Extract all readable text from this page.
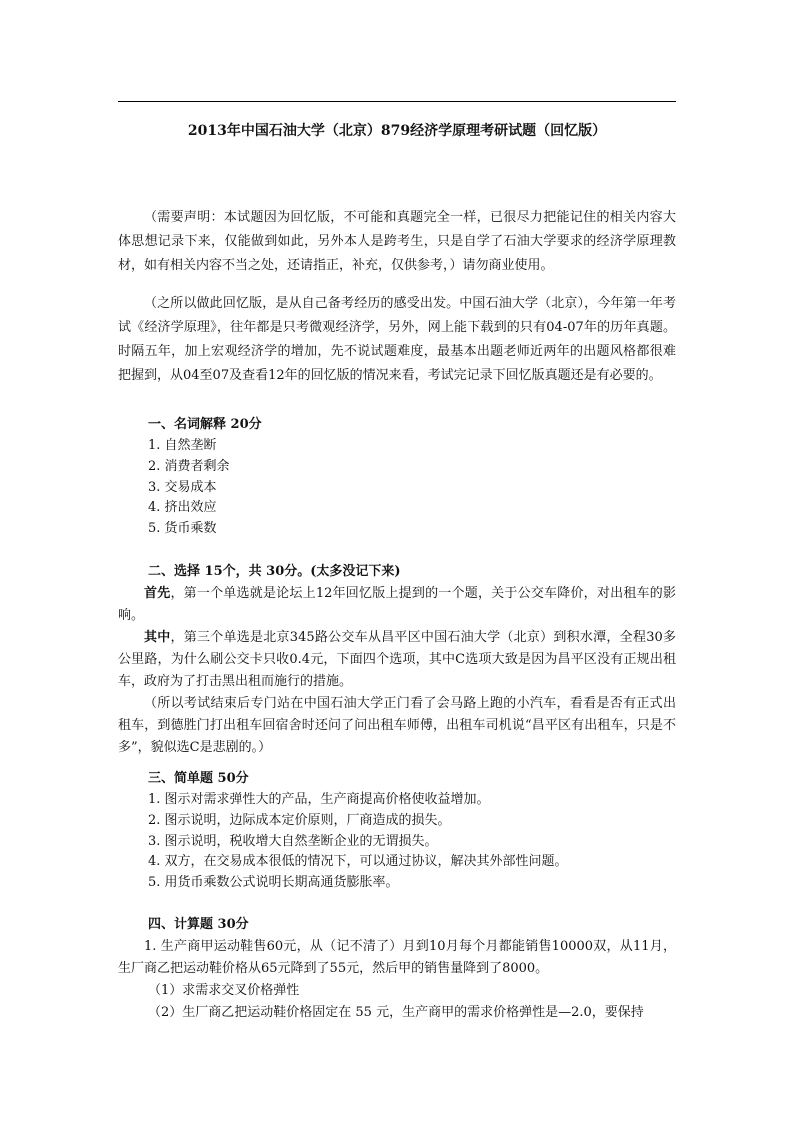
2013年中国石油大学（北京）879经济学原理考研试题（回忆版）

（需要声明：本试题因为回忆版，不可能和真题完全一样，已很尽力把能记住的相关内容大体思想记录下来，仅能做到如此，另外本人是跨考生，只是自学了石油大学要求的经济学原理教材，如有相关内容不当之处，还请指正，补充，仅供参考，）请勿商业使用。

（之所以做此回忆版，是从自己备考经历的感受出发。中国石油大学（北京），今年第一年考试《经济学原理》，往年都是只考微观经济学，另外，网上能下载到的只有04-07年的历年真题。时隔五年，加上宏观经济学的增加，先不说试题难度，最基本出题老师近两年的出题风格都很难把握到，从04至07及查看12年的回忆版的情况来看，考试完记录下回忆版真题还是有必要的。

一、名词解释 20分

1. 自然垄断

2. 消费者剩余

3. 交易成本

4. 挤出效应

5. 货币乘数

二、选择 15个，共 30分。(太多没记下来)

首先，第一个单选就是论坛上12年回忆版上提到的一个题，关于公交车降价，对出租车的影响。

其中，第三个单选是北京345路公交车从昌平区中国石油大学（北京）到积水潭，全程30多公里路，为什么刷公交卡只收0.4元，下面四个选项，其中C选项大致是因为昌平区没有正规出租车，政府为了打击黑出租而施行的措施。

（所以考试结束后专门站在中国石油大学正门看了会马路上跑的小汽车，看看是否有正式出租车，到德胜门打出租车回宿舍时还问了问出租车师傅，出租车司机说“昌平区有出租车，只是不多”，貌似选C是悲剧的。）

三、简单题 50分

1. 图示对需求弹性大的产品，生产商提高价格使收益增加。

2. 图示说明，边际成本定价原则，厂商造成的损失。

3. 图示说明，税收增大自然垄断企业的无谓损失。

4. 双方，在交易成本很低的情况下，可以通过协议，解决其外部性问题。

5. 用货币乘数公式说明长期高通货膨胀率。

四、计算题 30分

1. 生产商甲运动鞋售60元，从（记不清了）月到10月每个月都能销售10000双，从11月，生厂商乙把运动鞋价格从65元降到了55元，然后甲的销售量降到了8000。

（1）求需求交叉价格弹性

（2）生厂商乙把运动鞋价格固定在 55 元，生产商甲的需求价格弹性是—2.0，要保持
